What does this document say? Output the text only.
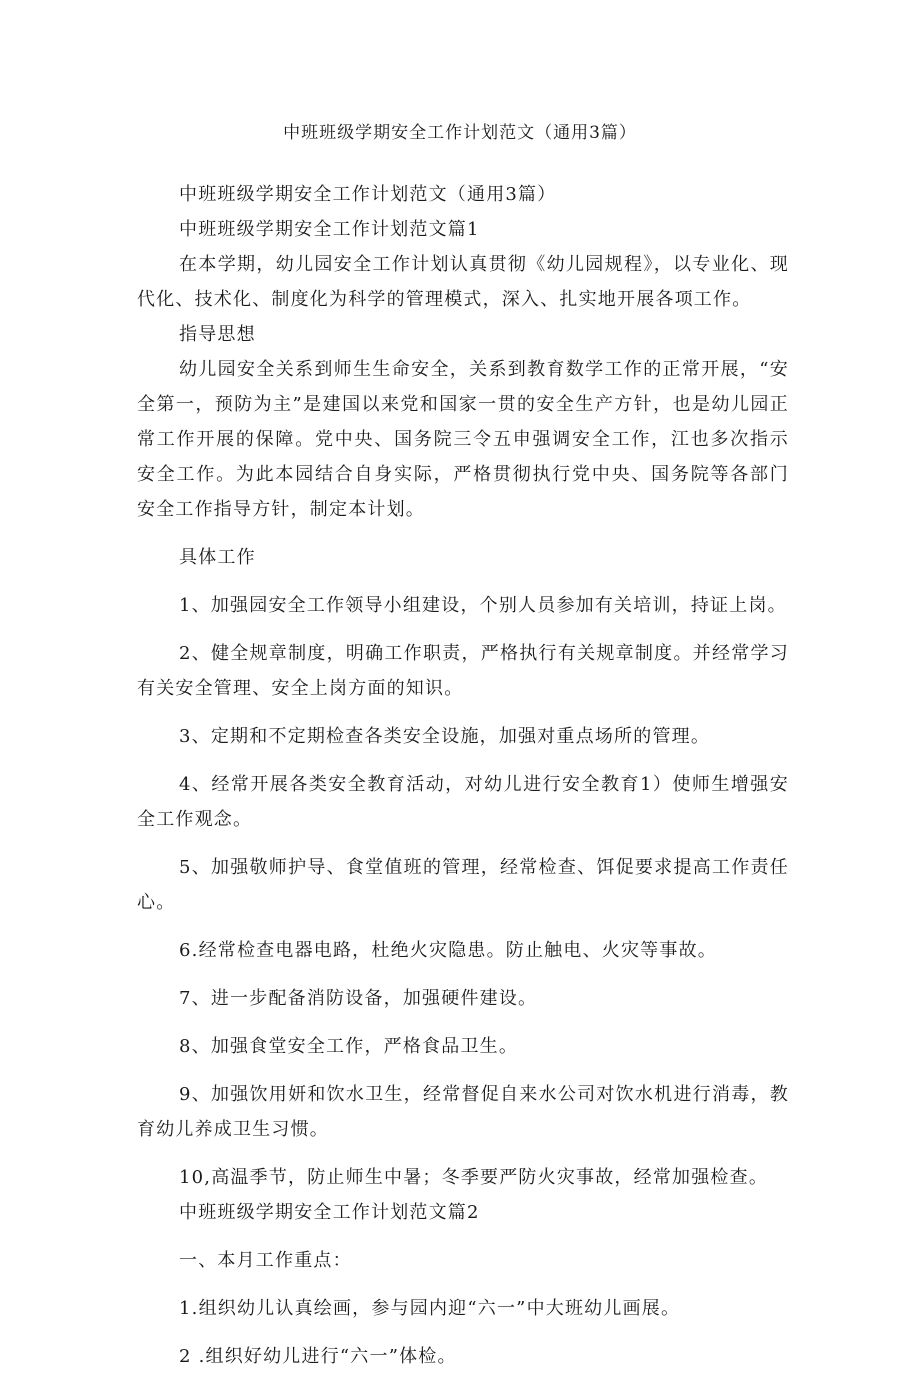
中班班级学期安全工作计划范文（通用3篇）

中班班级学期安全工作计划范文（通用3篇）

中班班级学期安全工作计划范文篇1

在本学期，幼儿园安全工作计划认真贯彻《幼儿园规程》，以专业化、现代化、技术化、制度化为科学的管理模式，深入、扎实地开展各项工作。

指导思想

幼儿园安全关系到师生生命安全，关系到教育数学工作的正常开展，“安全第一，预防为主”是建国以来党和国家一贯的安全生产方针，也是幼儿园正常工作开展的保障。党中央、国务院三令五申强调安全工作，江也多次指示安全工作。为此本园结合自身实际，严格贯彻执行党中央、国务院等各部门安全工作指导方针，制定本计划。

具体工作

1、加强园安全工作领导小组建设，个别人员参加有关培训，持证上岗。

2、健全规章制度，明确工作职责，严格执行有关规章制度。并经常学习有关安全管理、安全上岗方面的知识。

3、定期和不定期检查各类安全设施，加强对重点场所的管理。

4、经常开展各类安全教育活动，对幼儿进行安全教育1）使师生增强安全工作观念。

5、加强敬师护导、食堂值班的管理，经常检查、饵促要求提高工作责任心。

6.经常检查电器电路，杜绝火灾隐患。防止触电、火灾等事故。

7、进一步配备消防设备，加强硬件建设。

8、加强食堂安全工作，严格食品卫生。

9、加强饮用妍和饮水卫生，经常督促自来水公司对饮水机进行消毒，教育幼儿养成卫生习惯。

10,高温季节，防止师生中暑；冬季要严防火灾事故，经常加强检查。

中班班级学期安全工作计划范文篇2

一、本月工作重点：

1.组织幼儿认真绘画，参与园内迎“六一”中大班幼儿画展。

2 .组织好幼儿进行“六一”体检。
